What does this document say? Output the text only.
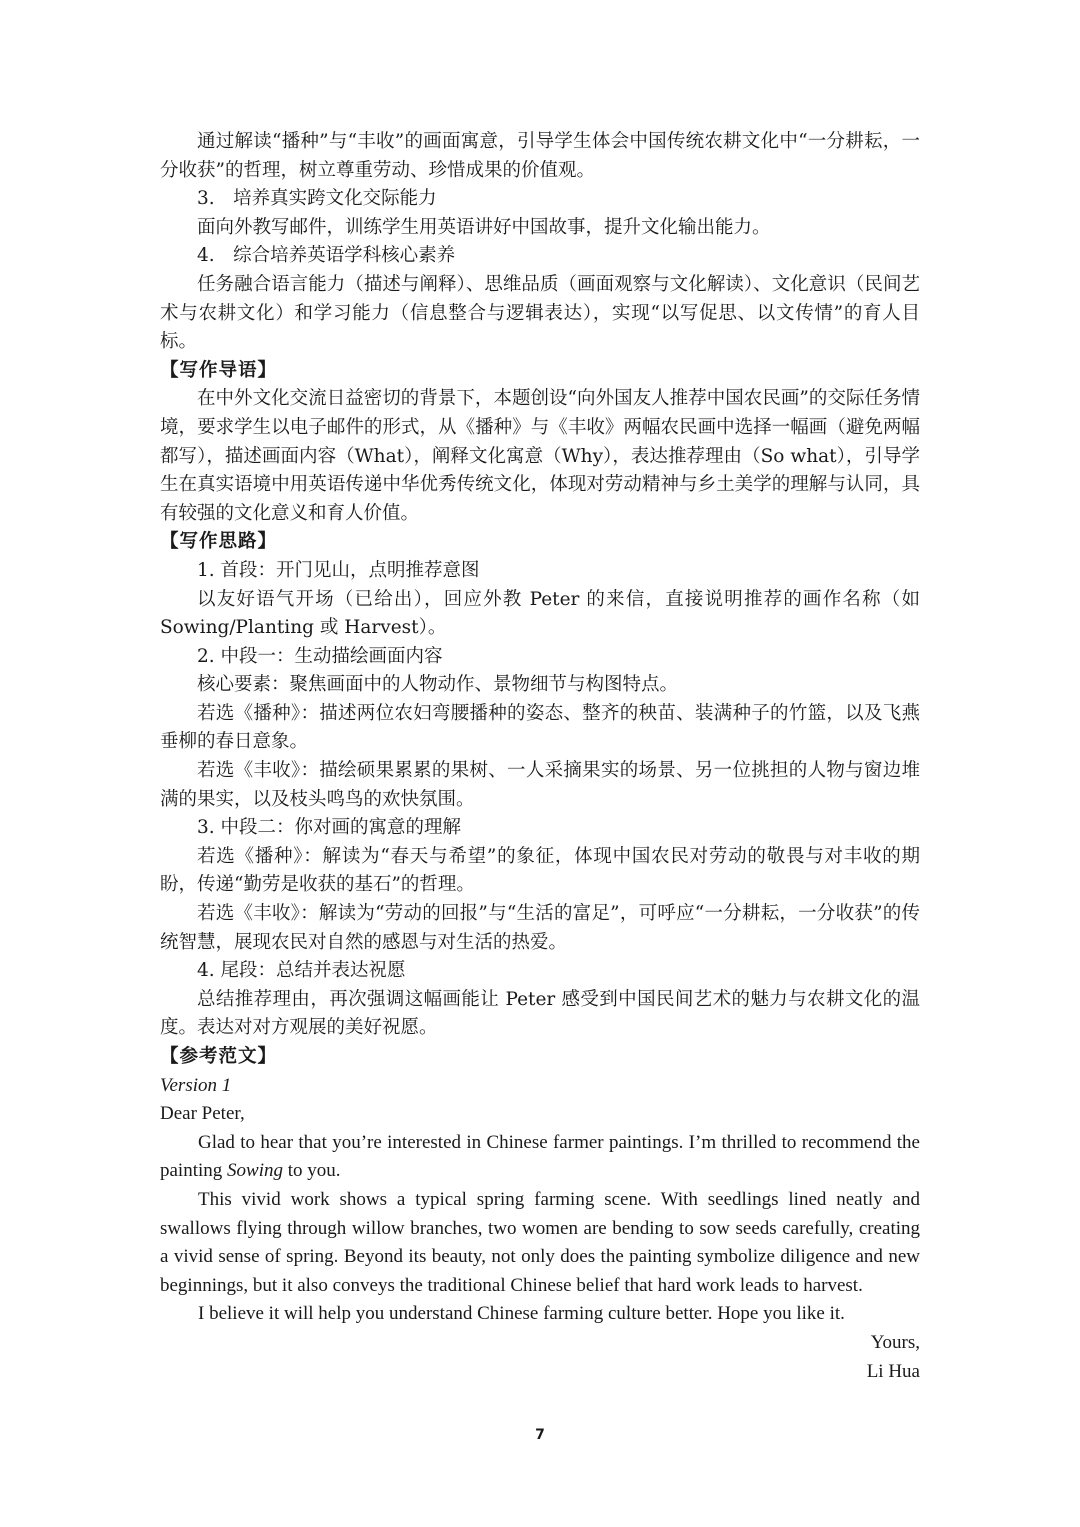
通过解读“播种”与“丰收”的画面寓意，引导学生体会中国传统农耕文化中“一分耕耘，一分收获”的哲理，树立尊重劳动、珍惜成果的价值观。

3.　培养真实跨文化交际能力

面向外教写邮件，训练学生用英语讲好中国故事，提升文化输出能力。

4.　综合培养英语学科核心素养

任务融合语言能力（描述与阐释）、思维品质（画面观察与文化解读）、文化意识（民间艺术与农耕文化）和学习能力（信息整合与逻辑表达），实现“以写促思、以文传情”的育人目标。

【写作导语】

在中外文化交流日益密切的背景下，本题创设“向外国友人推荐中国农民画”的交际任务情境，要求学生以电子邮件的形式，从《播种》与《丰收》两幅农民画中选择一幅画（避免两幅都写），描述画面内容（What），阐释文化寓意（Why），表达推荐理由（So what），引导学生在真实语境中用英语传递中华优秀传统文化，体现对劳动精神与乡土美学的理解与认同，具有较强的文化意义和育人价值。

【写作思路】

1. 首段：开门见山，点明推荐意图

以友好语气开场（已给出），回应外教 Peter 的来信，直接说明推荐的画作名称（如 Sowing/Planting 或 Harvest）。

2. 中段一：生动描绘画面内容

核心要素：聚焦画面中的人物动作、景物细节与构图特点。

若选《播种》：描述两位农妇弯腰播种的姿态、整齐的秧苗、装满种子的竹篮，以及飞燕垂柳的春日意象。

若选《丰收》：描绘硕果累累的果树、一人采摘果实的场景、另一位挑担的人物与窗边堆满的果实，以及枝头鸣鸟的欢快氛围。

3. 中段二：你对画的寓意的理解

若选《播种》：解读为“春天与希望”的象征，体现中国农民对劳动的敬畏与对丰收的期盼，传递“勤劳是收获的基石”的哲理。

若选《丰收》：解读为“劳动的回报”与“生活的富足”，可呼应“一分耕耘，一分收获”的传统智慧，展现农民对自然的感恩与对生活的热爱。

4. 尾段：总结并表达祝愿

总结推荐理由，再次强调这幅画能让 Peter 感受到中国民间艺术的魅力与农耕文化的温度。表达对对方观展的美好祝愿。

【参考范文】

Version 1

Dear Peter,

Glad to hear that you’re interested in Chinese farmer paintings. I’m thrilled to recommend the painting Sowing to you.

This vivid work shows a typical spring farming scene. With seedlings lined neatly and swallows flying through willow branches, two women are bending to sow seeds carefully, creating a vivid sense of spring. Beyond its beauty, not only does the painting symbolize diligence and new beginnings, but it also conveys the traditional Chinese belief that hard work leads to harvest.

I believe it will help you understand Chinese farming culture better. Hope you like it.

Yours,

Li Hua

7
